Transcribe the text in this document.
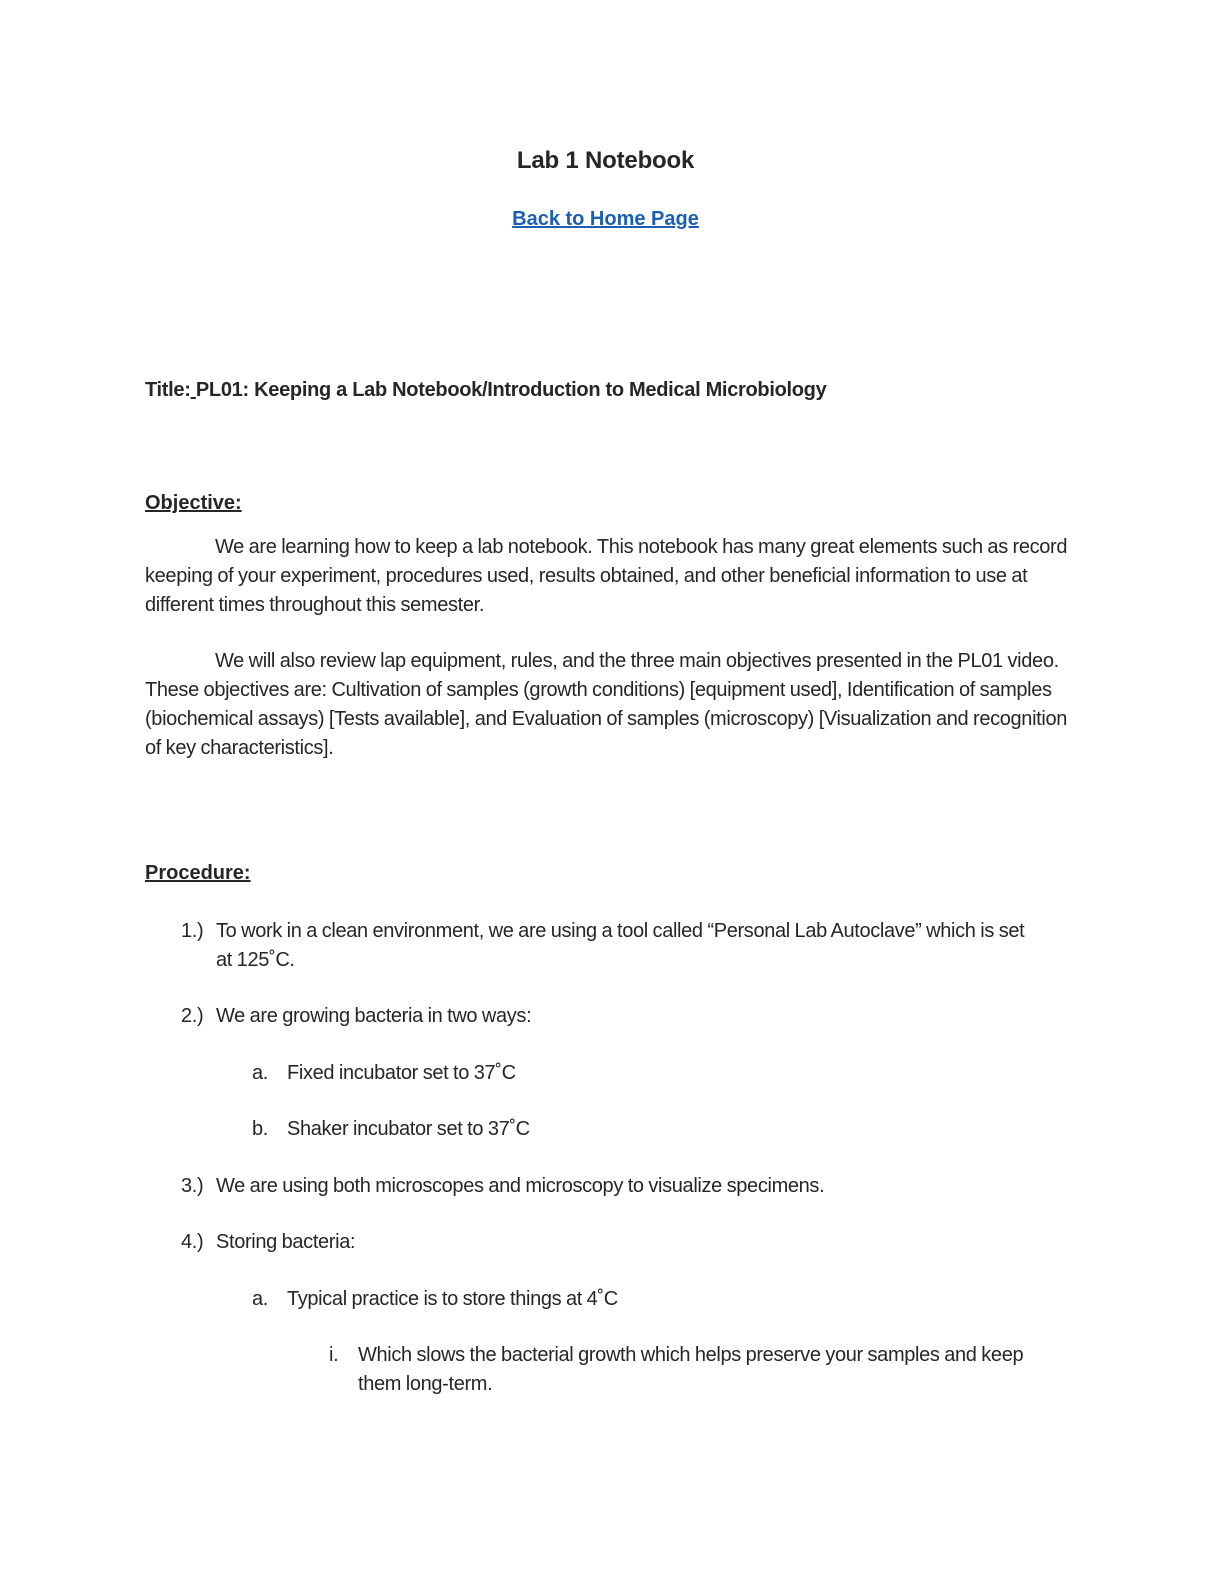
Lab 1 Notebook
Back to Home Page
Title: PL01: Keeping a Lab Notebook/Introduction to Medical Microbiology
Objective:

We are learning how to keep a lab notebook. This notebook has many great elements such as record keeping of your experiment, procedures used, results obtained, and other beneficial information to use at different times throughout this semester.

We will also review lap equipment, rules, and the three main objectives presented in the PL01 video. These objectives are: Cultivation of samples (growth conditions) [equipment used], Identification of samples (biochemical assays) [Tests available], and Evaluation of samples (microscopy) [Visualization and recognition of key characteristics].

Procedure:
1.) To work in a clean environment, we are using a tool called “Personal Lab Autoclave” which is set at 125˚C.
2.) We are growing bacteria in two ways:
a. Fixed incubator set to 37˚C
b. Shaker incubator set to 37˚C
3.) We are using both microscopes and microscopy to visualize specimens.
4.) Storing bacteria:
a. Typical practice is to store things at 4˚C
i. Which slows the bacterial growth which helps preserve your samples and keep them long-term.
